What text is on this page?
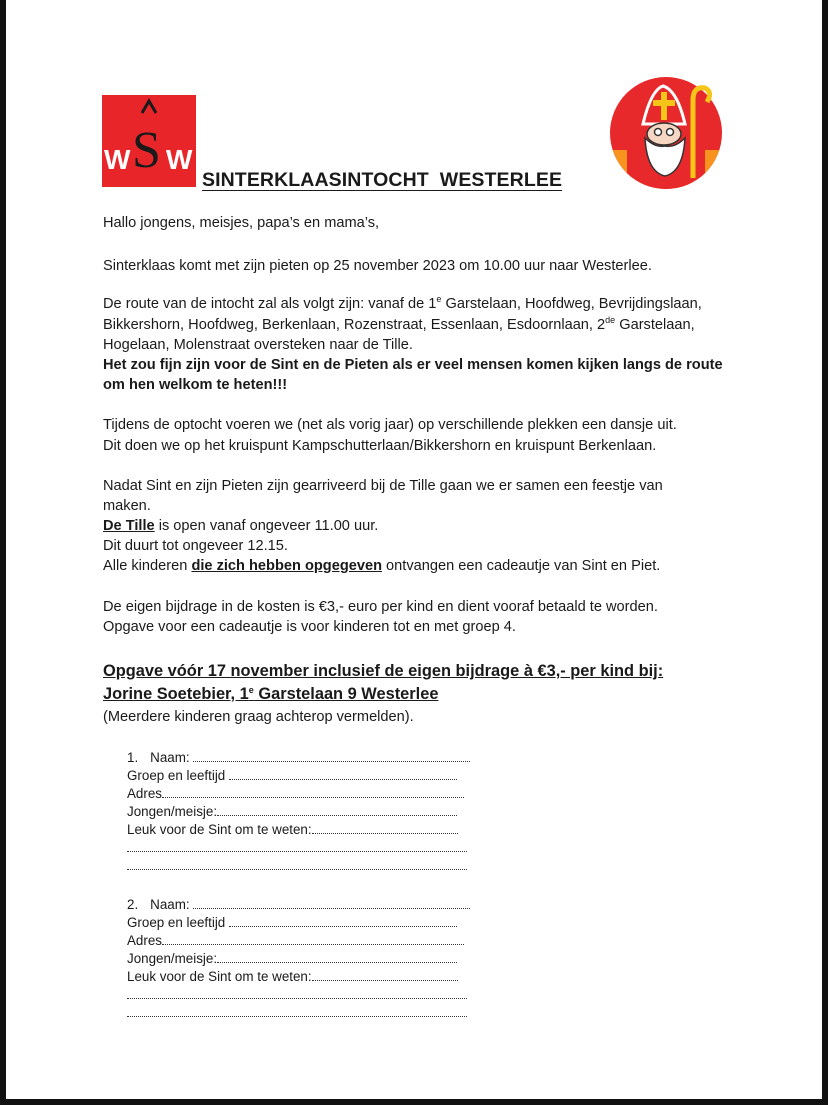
W W
S
SINTERKLAASINTOCHT  WESTERLEE
Hallo jongens, meisjes, papa’s en mama’s,
Sinterklaas komt met zijn pieten op 25 november 2023 om 10.00 uur naar Westerlee.
De route van de intocht zal als volgt zijn: vanaf de 1e Garstelaan, Hoofdweg, Bevrijdingslaan,
Bikkershorn, Hoofdweg, Berkenlaan, Rozenstraat, Essenlaan, Esdoornlaan, 2de Garstelaan,
Hogelaan, Molenstraat oversteken naar de Tille.
Het zou fijn zijn voor de Sint en de Pieten als er veel mensen komen kijken langs de route
om hen welkom te heten!!!
Tijdens de optocht voeren we (net als vorig jaar) op verschillende plekken een dansje uit.
Dit doen we op het kruispunt Kampschutterlaan/Bikkershorn en kruispunt Berkenlaan.
Nadat Sint en zijn Pieten zijn gearriveerd bij de Tille gaan we er samen een feestje van
maken.
De Tille is open vanaf ongeveer 11.00 uur.
Dit duurt tot ongeveer 12.15.
Alle kinderen die zich hebben opgegeven ontvangen een cadeautje van Sint en Piet.
De eigen bijdrage in de kosten is €3,- euro per kind en dient vooraf betaald te worden.
Opgave voor een cadeautje is voor kinderen tot en met groep 4.
Opgave vóór 17 november inclusief de eigen bijdrage à €3,- per kind bij:
Jorine Soetebier, 1e Garstelaan 9 Westerlee
(Meerdere kinderen graag achterop vermelden).
1. Naam:
Groep en leeftijd
Adres
Jongen/meisje:
Leuk voor de Sint om te weten:
2. Naam:
Groep en leeftijd
Adres
Jongen/meisje:
Leuk voor de Sint om te weten:
